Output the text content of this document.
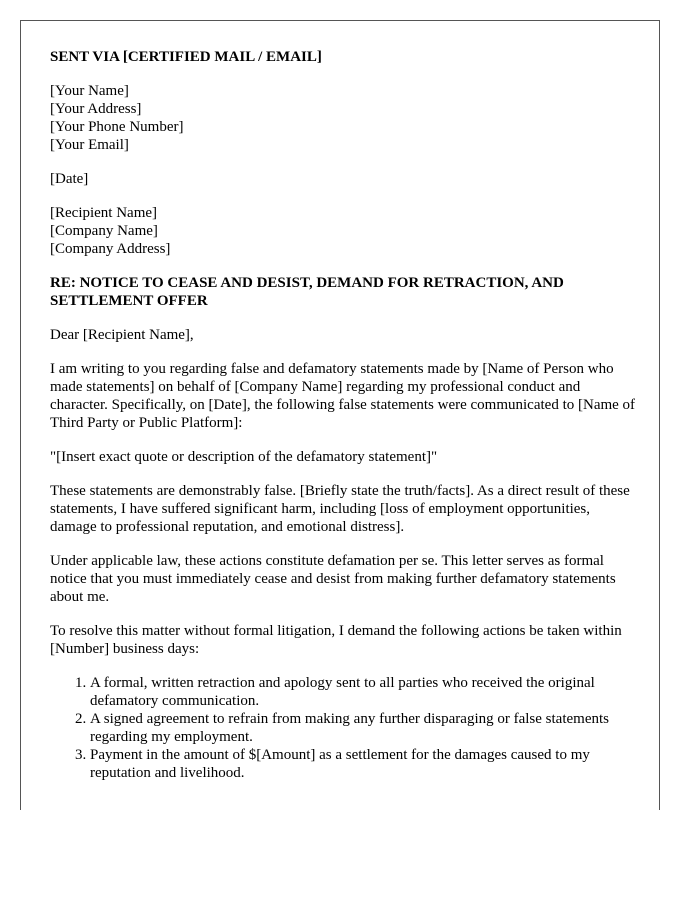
SENT VIA [CERTIFIED MAIL / EMAIL]
[Your Name]
[Your Address]
[Your Phone Number]
[Your Email]
[Date]
[Recipient Name]
[Company Name]
[Company Address]
RE: NOTICE TO CEASE AND DESIST, DEMAND FOR RETRACTION, AND SETTLEMENT OFFER

Dear [Recipient Name],

I am writing to you regarding false and defamatory statements made by [Name of Person who made statements] on behalf of [Company Name] regarding my professional conduct and character. Specifically, on [Date], the following false statements were communicated to [Name of Third Party or Public Platform]:

"[Insert exact quote or description of the defamatory statement]"

These statements are demonstrably false. [Briefly state the truth/facts]. As a direct result of these statements, I have suffered significant harm, including [loss of employment opportunities, damage to professional reputation, and emotional distress].

Under applicable law, these actions constitute defamation per se. This letter serves as formal notice that you must immediately cease and desist from making further defamatory statements about me.

To resolve this matter without formal litigation, I demand the following actions be taken within [Number] business days:

1. A formal, written retraction and apology sent to all parties who received the original defamatory communication.
2. A signed agreement to refrain from making any further disparaging or false statements regarding my employment.
3. Payment in the amount of $[Amount] as a settlement for the damages caused to my reputation and livelihood.
